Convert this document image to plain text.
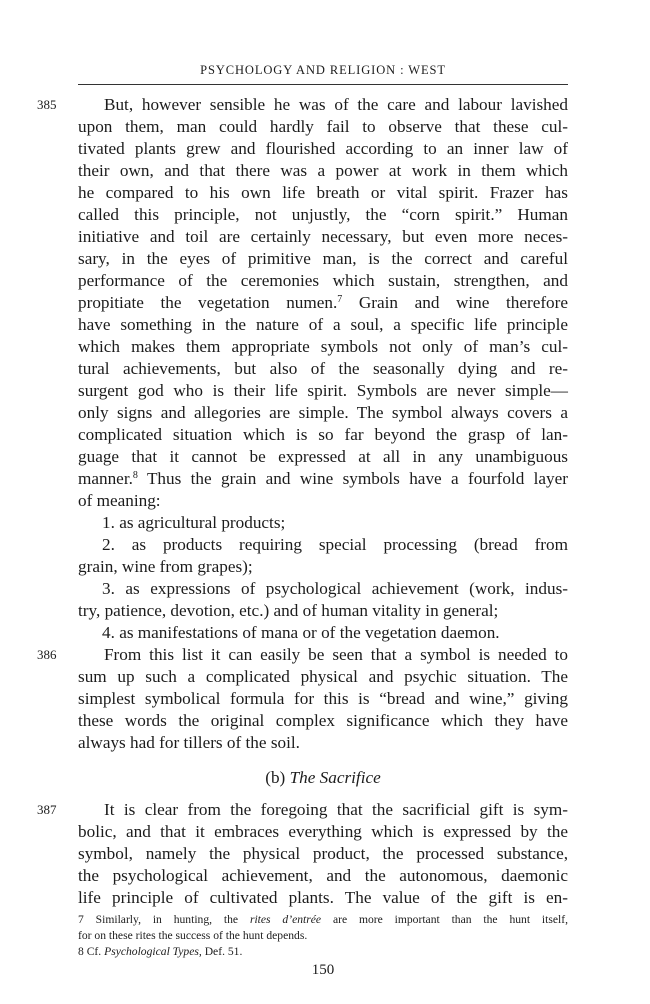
PSYCHOLOGY AND RELIGION : WEST
385	But, however sensible he was of the care and labour lavished
upon them, man could hardly fail to observe that these cul-
tivated plants grew and flourished according to an inner law of
their own, and that there was a power at work in them which
he compared to his own life breath or vital spirit. Frazer has
called this principle, not unjustly, the “corn spirit.” Human
initiative and toil are certainly necessary, but even more neces-
sary, in the eyes of primitive man, is the correct and careful
performance of the ceremonies which sustain, strengthen, and
propitiate the vegetation numen.$^7$ Grain and wine therefore
have something in the nature of a soul, a specific life principle
which makes them appropriate symbols not only of man’s cul-
tural achievements, but also of the seasonally dying and re-
surgent god who is their life spirit. Symbols are never simple—
only signs and allegories are simple. The symbol always covers a
complicated situation which is so far beyond the grasp of lan-
guage that it cannot be expressed at all in any unambiguous
manner.$^8$ Thus the grain and wine symbols have a fourfold layer
of meaning:
1. as agricultural products;
2. as products requiring special processing (bread from
grain, wine from grapes);
3. as expressions of psychological achievement (work, indus-
try, patience, devotion, etc.) and of human vitality in general;
4. as manifestations of mana or of the vegetation daemon.
386	From this list it can easily be seen that a symbol is needed to
sum up such a complicated physical and psychic situation. The
simplest symbolical formula for this is “bread and wine,” giving
these words the original complex significance which they have
always had for tillers of the soil.
(b) The Sacrifice
387	It is clear from the foregoing that the sacrificial gift is sym-
bolic, and that it embraces everything which is expressed by the
symbol, namely the physical product, the processed substance,
the psychological achievement, and the autonomous, daemonic
life principle of cultivated plants. The value of the gift is en-
7 Similarly, in hunting, the rites d’entrée are more important than the hunt itself,
for on these rites the success of the hunt depends.
8 Cf. Psychological Types, Def. 51.
150
